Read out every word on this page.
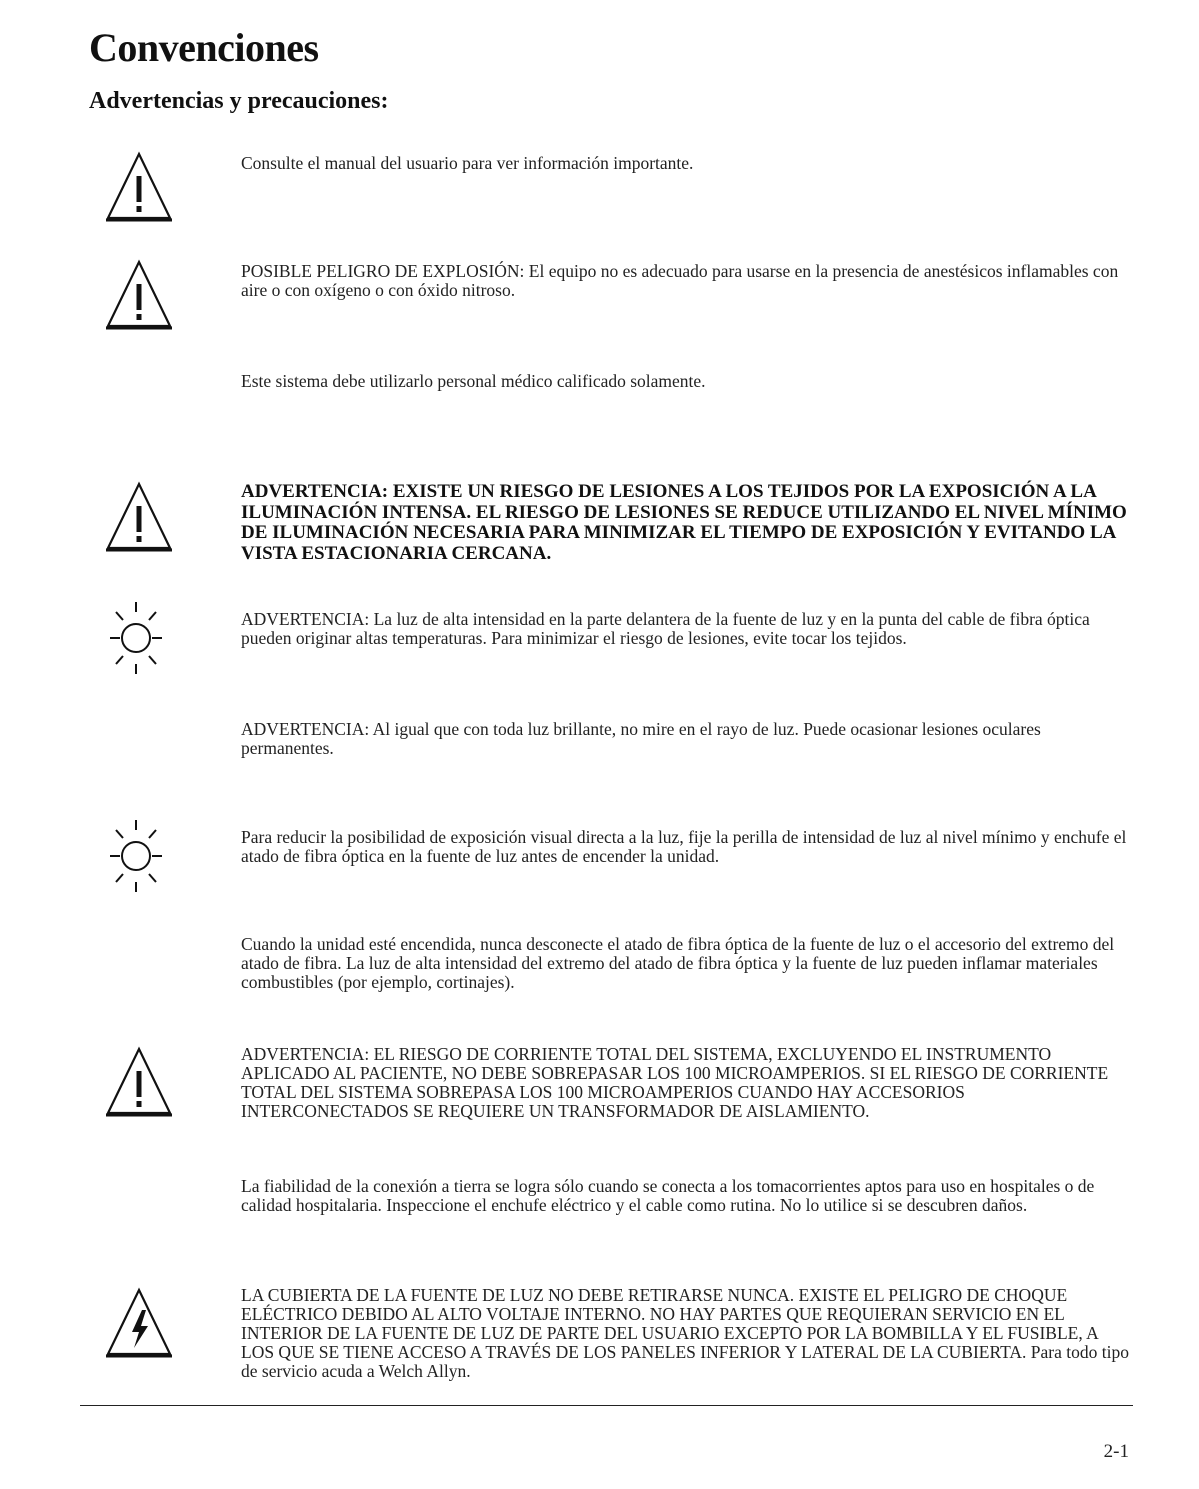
Convenciones
Advertencias y precauciones:
Consulte el manual del usuario para ver información importante.
POSIBLE PELIGRO DE EXPLOSIÓN: El equipo no es adecuado para usarse en la presencia de anestésicos inflamables con aire o con oxígeno o con óxido nitroso.
Este sistema debe utilizarlo personal médico calificado solamente.
ADVERTENCIA: EXISTE UN RIESGO DE LESIONES A LOS TEJIDOS POR LA EXPOSICIÓN A LA ILUMINACIÓN INTENSA. EL RIESGO DE LESIONES SE REDUCE UTILIZANDO EL NIVEL MÍNIMO DE ILUMINACIÓN NECESARIA PARA MINIMIZAR EL TIEMPO DE EXPOSICIÓN Y EVITANDO LA VISTA ESTACIONARIA CERCANA.
ADVERTENCIA: La luz de alta intensidad en la parte delantera de la fuente de luz y en la punta del cable de fibra óptica pueden originar altas temperaturas. Para minimizar el riesgo de lesiones, evite tocar los tejidos.
ADVERTENCIA: Al igual que con toda luz brillante, no mire en el rayo de luz. Puede ocasionar lesiones oculares permanentes.
Para reducir la posibilidad de exposición visual directa a la luz, fije la perilla de intensidad de luz al nivel mínimo y enchufe el atado de fibra óptica en la fuente de luz antes de encender la unidad.
Cuando la unidad esté encendida, nunca desconecte el atado de fibra óptica de la fuente de luz o el accesorio del extremo del atado de fibra. La luz de alta intensidad del extremo del atado de fibra óptica y la fuente de luz pueden inflamar materiales combustibles (por ejemplo, cortinajes).
ADVERTENCIA: EL RIESGO DE CORRIENTE TOTAL DEL SISTEMA, EXCLUYENDO EL INSTRUMENTO APLICADO AL PACIENTE, NO DEBE SOBREPASAR LOS 100 MICROAMPERIOS. SI EL RIESGO DE CORRIENTE TOTAL DEL SISTEMA SOBREPASA LOS 100 MICROAMPERIOS CUANDO HAY ACCESORIOS INTERCONECTADOS SE REQUIERE UN TRANSFORMADOR DE AISLAMIENTO.
La fiabilidad de la conexión a tierra se logra sólo cuando se conecta a los tomacorrientes aptos para uso en hospitales o de calidad hospitalaria. Inspeccione el enchufe eléctrico y el cable como rutina. No lo utilice si se descubren daños.
LA CUBIERTA DE LA FUENTE DE LUZ NO DEBE RETIRARSE NUNCA. EXISTE EL PELIGRO DE CHOQUE ELÉCTRICO DEBIDO AL ALTO VOLTAJE INTERNO. NO HAY PARTES QUE REQUIERAN SERVICIO EN EL INTERIOR DE LA FUENTE DE LUZ DE PARTE DEL USUARIO EXCEPTO POR LA BOMBILLA Y EL FUSIBLE, A LOS QUE SE TIENE ACCESO A TRAVÉS DE LOS PANELES INFERIOR Y LATERAL DE LA CUBIERTA. Para todo tipo de servicio acuda a Welch Allyn.
2-1
